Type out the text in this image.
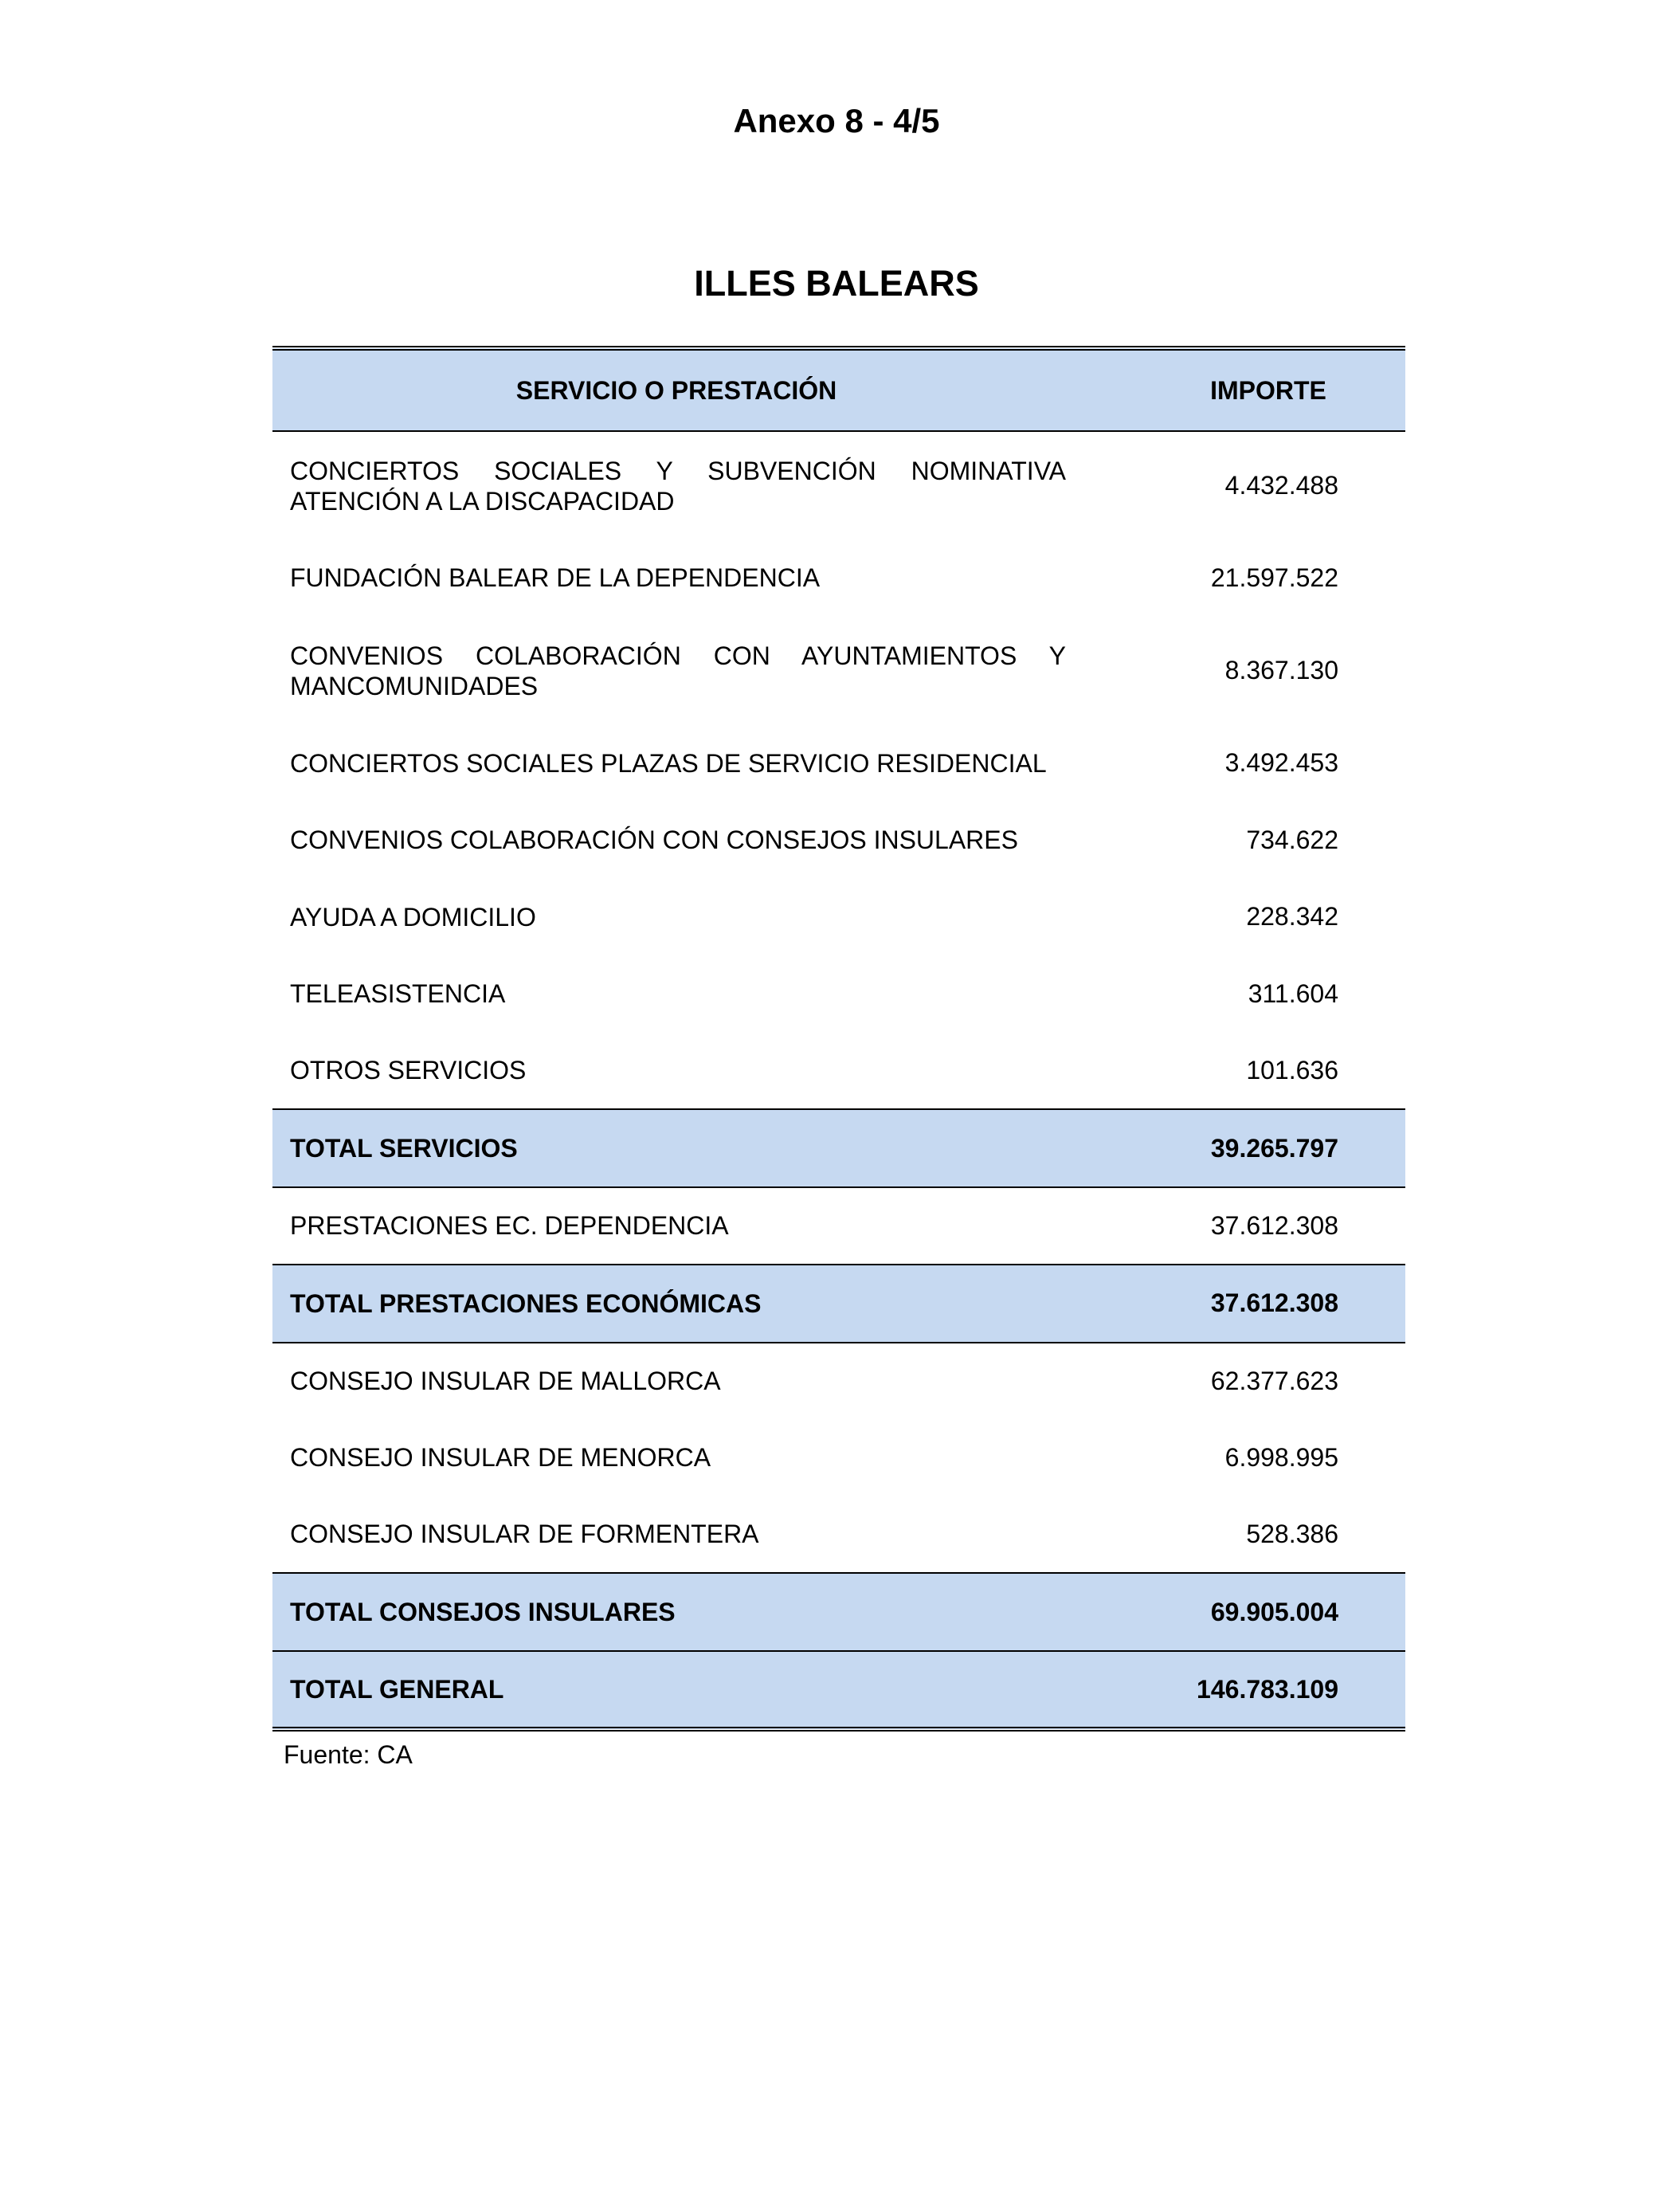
Anexo 8 - 4/5
ILLES BALEARS
SERVICIO O PRESTACIÓN	IMPORTE
CONCIERTOS SOCIALES Y SUBVENCIÓN NOMINATIVA ATENCIÓN A LA DISCAPACIDAD	4.432.488
FUNDACIÓN BALEAR DE LA DEPENDENCIA	21.597.522
CONVENIOS COLABORACIÓN CON AYUNTAMIENTOS Y MANCOMUNIDADES	8.367.130
CONCIERTOS SOCIALES PLAZAS DE SERVICIO RESIDENCIAL	3.492.453
CONVENIOS COLABORACIÓN CON CONSEJOS INSULARES	734.622
AYUDA A DOMICILIO	228.342
TELEASISTENCIA	311.604
OTROS SERVICIOS	101.636
TOTAL SERVICIOS	39.265.797
PRESTACIONES EC. DEPENDENCIA	37.612.308
TOTAL PRESTACIONES ECONÓMICAS	37.612.308
CONSEJO INSULAR DE MALLORCA	62.377.623
CONSEJO INSULAR DE MENORCA	6.998.995
CONSEJO INSULAR DE FORMENTERA	528.386
TOTAL CONSEJOS INSULARES	69.905.004
TOTAL GENERAL	146.783.109
Fuente: CA
